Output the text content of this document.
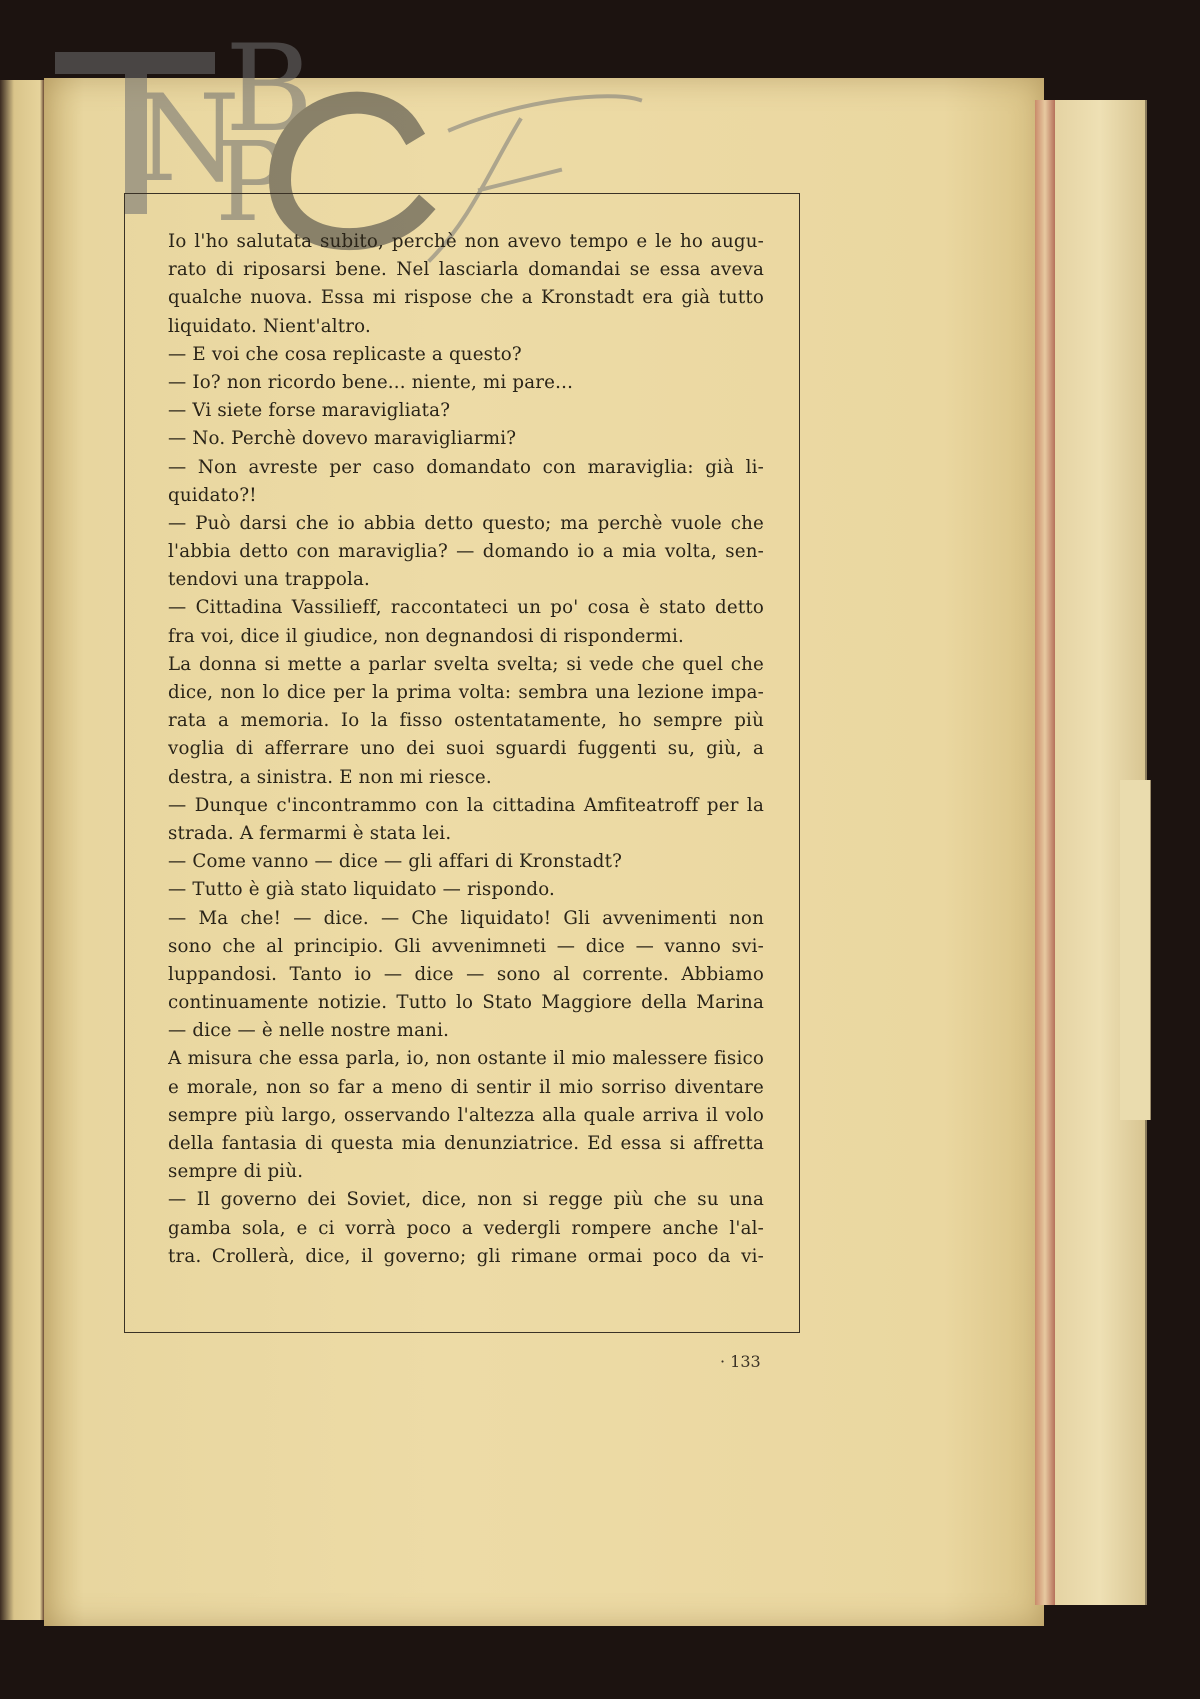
N
B
P
Io l'ho salutata subito, perchè non avevo tempo e le ho augu-
rato di riposarsi bene. Nel lasciarla domandai se essa aveva
qualche nuova. Essa mi rispose che a Kronstadt era già tutto
liquidato. Nient'altro.
— E voi che cosa replicaste a questo?
— Io? non ricordo bene... niente, mi pare...
— Vi siete forse maravigliata?
— No. Perchè dovevo maravigliarmi?
— Non avreste per caso domandato con maraviglia: già li-
quidato?!
— Può darsi che io abbia detto questo; ma perchè vuole che
l'abbia detto con maraviglia? — domando io a mia volta, sen-
tendovi una trappola.
— Cittadina Vassilieff, raccontateci un po' cosa è stato detto
fra voi, dice il giudice, non degnandosi di rispondermi.
La donna si mette a parlar svelta svelta; si vede che quel che
dice, non lo dice per la prima volta: sembra una lezione impa-
rata a memoria. Io la fisso ostentatamente, ho sempre più
voglia di afferrare uno dei suoi sguardi fuggenti su, giù, a
destra, a sinistra. E non mi riesce.
— Dunque c'incontrammo con la cittadina Amfiteatroff per la
strada. A fermarmi è stata lei.
— Come vanno — dice — gli affari di Kronstadt?
— Tutto è già stato liquidato — rispondo.
— Ma che! — dice. — Che liquidato! Gli avvenimenti non
sono che al principio. Gli avvenimneti — dice — vanno svi-
luppandosi. Tanto io — dice — sono al corrente. Abbiamo
continuamente notizie. Tutto lo Stato Maggiore della Marina
— dice — è nelle nostre mani.
A misura che essa parla, io, non ostante il mio malessere fisico
e morale, non so far a meno di sentir il mio sorriso diventare
sempre più largo, osservando l'altezza alla quale arriva il volo
della fantasia di questa mia denunziatrice. Ed essa si affretta
sempre di più.
— Il governo dei Soviet, dice, non si regge più che su una
gamba sola, e ci vorrà poco a vedergli rompere anche l'al-
tra. Crollerà, dice, il governo; gli rimane ormai poco da vi-
· 133
